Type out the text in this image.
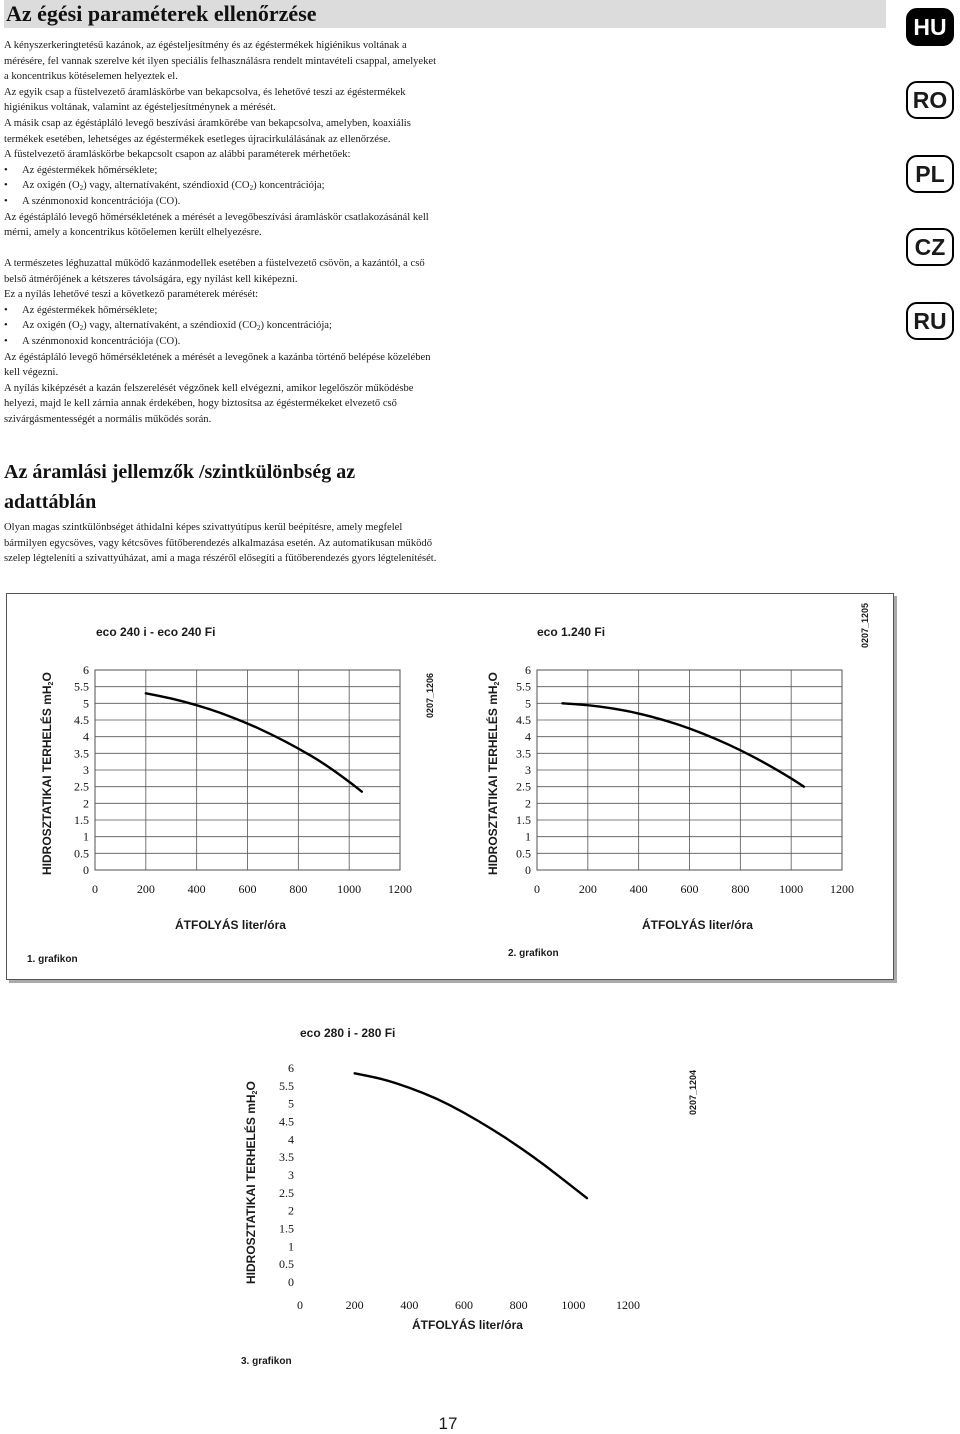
Az égési paraméterek ellenőrzése	HU
RO
PL
CZ
RU

A kényszerkeringtetésű kazánok, az égésteljesítmény és az égéstermékek higiénikus voltának a mérésére, fel vannak szerelve két ilyen speciális felhasználásra rendelt mintavételi csappal, amelyeket a koncentrikus kötéselemen helyeztek el.

Az egyik csap a füstelvezető áramláskörbe van bekapcsolva, és lehetővé teszi az égéstermékek higiénikus voltának, valamint az égésteljesítménynek a mérését.

A másik csap az égéstápláló levegő beszívási áramkörébe van bekapcsolva, amelyben, koaxiális termékek esetében, lehetséges az égéstermékek esetleges újracirkulálásának az ellenőrzése.

A füstelvezető áramláskörbe bekapcsolt csapon az alábbi paraméterek mérhetőek:

• Az égéstermékek hőmérséklete;
• Az oxigén $(O_2)$ vagy, alternatívaként, széndioxid $(CO_2)$ koncentrációja;
• A szénmonoxid koncentrációja (CO).

Az égéstápláló levegő hőmérsékletének a mérését a levegőbeszívási áramláskör csatlakozásánál kell mérni, amely a koncentrikus kötőelemen került elhelyezésre.

A természetes léghuzattal működő kazánmodellek esetében a füstelvezető csövön, a kazántól, a cső belső átmérőjének a kétszeres távolságára, egy nyílást kell kiképezni.

Ez a nyílás lehetővé teszi a következő paraméterek mérését:

• Az égéstermékek hőmérséklete;
• Az oxigén $(O_2)$ vagy, alternatívaként, a széndioxid $(CO_2)$ koncentrációja;
• A szénmonoxid koncentrációja (CO).

Az égéstápláló levegő hőmérsékletének a mérését a levegőnek a kazánba történő belépése közelében kell végezni.

A nyílás kiképzését a kazán felszerelését végzőnek kell elvégezni, amikor legelőször működésbe helyezi, majd le kell zárnia annak érdekében, hogy biztosítsa az égéstermékeket elvezető cső szivárgásmentességét a normális működés során.

Az áramlási jellemzők /szintkülönbség az adattáblán

Olyan magas szintkülönbséget áthidalni képes szivattyútípus kerül beépítésre, amely megfelel bármilyen egycsöves, vagy kétcsöves fűtőberendezés alkalmazása esetén. Az automatikusan működő szelep légteleníti a szivattyúházat, ami a maga részéről elősegíti a fűtőberendezés gyors légtelenítését.

0207_1205
eco 240 i - eco 240 Fi
HIDROSZTATIKAI TERHELÉS $mH_2O$
0
0.5
1
1.5
2
2.5
3
3.5
4
4.5
5
5.5
6
0	200	400	600	800 1000 1200
0207_1206
ÁTFOLYÁS liter/óra
1. grafikon
eco 1.240 Fi
HIDROSZTATIKAI TERHELÉS $mH_2O$
0
0.5
1
1.5
2
2.5
3
3.5
4
4.5
5
5.5
6
0	200	400	600	800 1000 1200
ÁTFOLYÁS liter/óra
2. grafikon
eco 280 i - 280 Fi
HIDROSZTATIKAI TERHELÉS $mH_2O$
0
0.5
1
1.5
2
2.5
3
3.5
4
4.5
5
5.5
6
0	200	400	600	800	1000	1200
0207_1204
ÁTFOLYÁS liter/óra
3. grafikon
17
